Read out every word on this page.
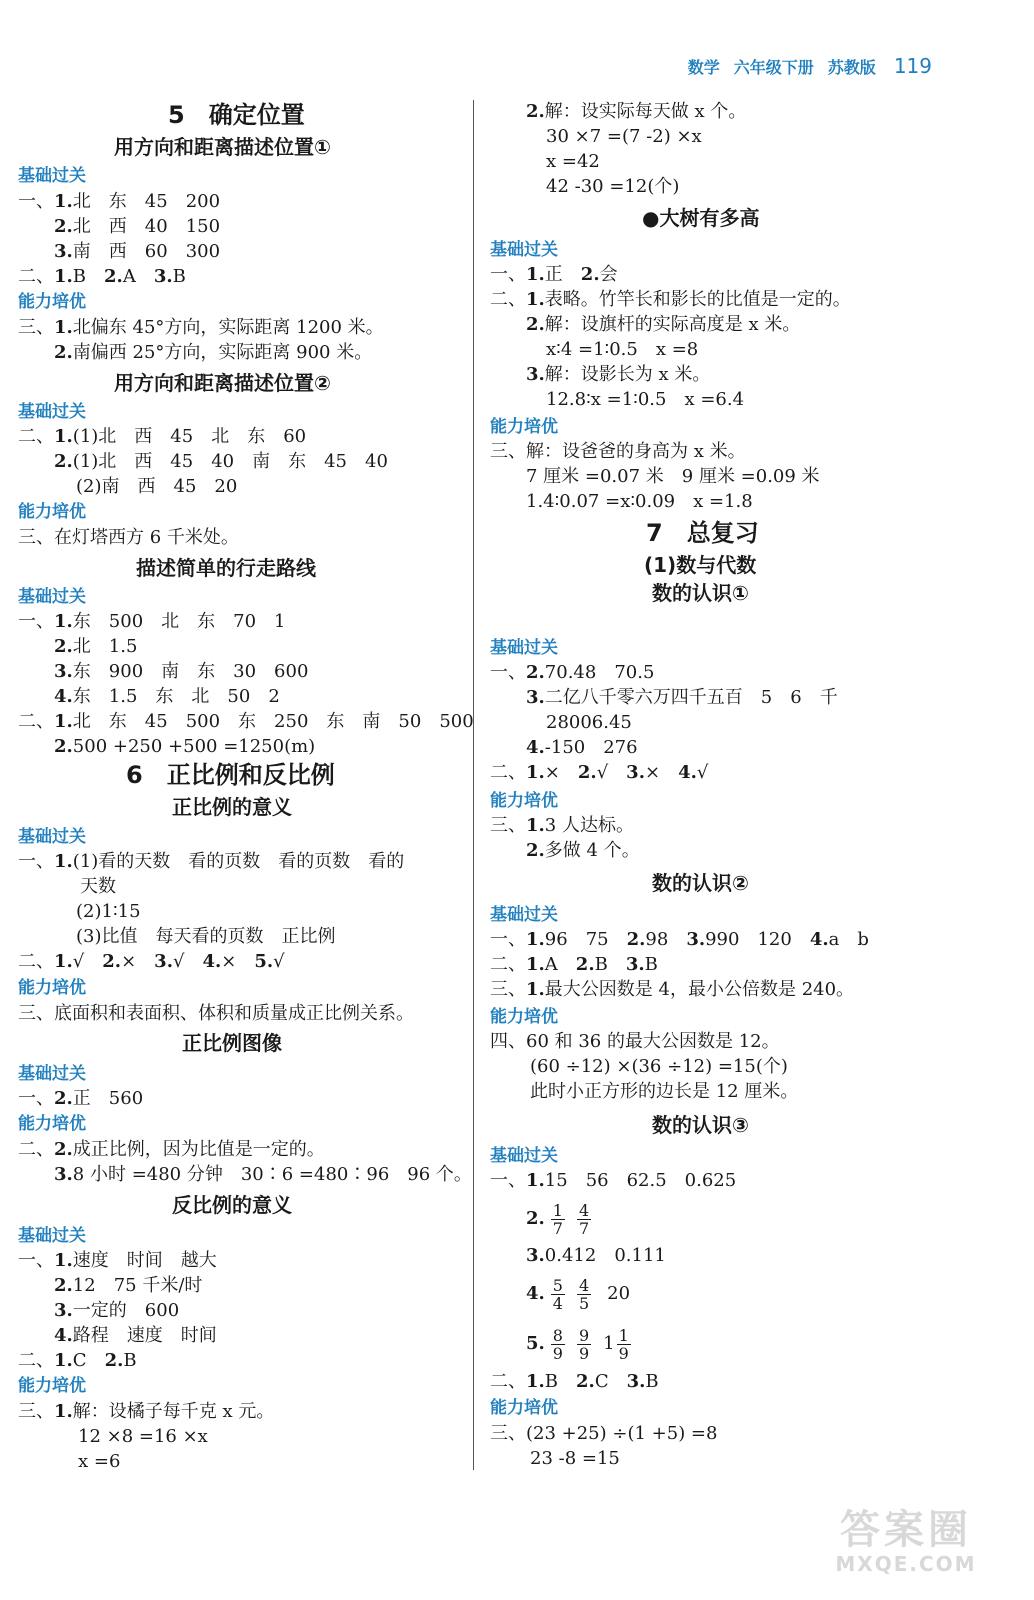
数学 六年级下册 苏教版 119
5　确定位置
用方向和距离描述位置①
基础过关
一、1.北　东　45　200
2.北　西　40　150
3.南　西　60　300
二、1.B　2.A　3.B
能力培优
三、1.北偏东 45°方向，实际距离 1200 米。
2.南偏西 25°方向，实际距离 900 米。
用方向和距离描述位置②
基础过关
二、1.(1)北　西　45　北　东　60
2.(1)北　西　45　40　南　东　45　40
(2)南　西　45　20
能力培优
三、在灯塔西方 6 千米处。
描述简单的行走路线
基础过关
一、1.东　500　北　东　70　1
2.北　1.5
3.东　900　南　东　30　600
4.东　1.5　东　北　50　2
二、1.北　东　45　500　东　250　东　南　50　500
2.500 +250 +500 =1250(m)
6　正比例和反比例
正比例的意义
基础过关
一、1.(1)看的天数　看的页数　看的页数　看的
天数
(2)1∶15
(3)比值　每天看的页数　正比例
二、1.√　2.×　3.√　4.×　5.√
能力培优
三、底面积和表面积、体积和质量成正比例关系。
正比例图像
基础过关
一、2.正　560
能力培优
二、2.成正比例，因为比值是一定的。
3.8 小时 =480 分钟　30∶6 =480∶96　96 个。
反比例的意义
基础过关
一、1.速度　时间　越大
2.12　75 千米/时
3.一定的　600
4.路程　速度　时间
二、1.C　2.B
能力培优
三、1.解：设橘子每千克 x 元。
12 ×8 =16 ×x
x =6
2.解：设实际每天做 x 个。
30 ×7 =(7 -2) ×x
x =42
42 -30 =12(个)
●大树有多高
基础过关
一、1.正　2.会
二、1.表略。竹竿长和影长的比值是一定的。
2.解：设旗杆的实际高度是 x 米。
x∶4 =1∶0.5　x =8
3.解：设影长为 x 米。
12.8∶x =1∶0.5　x =6.4
能力培优
三、解：设爸爸的身高为 x 米。
7 厘米 =0.07 米　9 厘米 =0.09 米
1.4∶0.07 =x∶0.09　x =1.8
7　总复习
(1)数与代数
数的认识①
基础过关
一、2.70.48　70.5
3.二亿八千零六万四千五百　5　6　千
28006.45
4.-150　276
二、1.×　2.√　3.×　4.√
能力培优
三、1.3 人达标。
2.多做 4 个。
数的认识②
基础过关
一、1.96　75　2.98　3.990　120　4.a　b
二、1.A　2.B　3.B
三、1.最大公因数是 4，最小公倍数是 240。
能力培优
四、60 和 36 的最大公因数是 12。
(60 ÷12) ×(36 ÷12) =15(个)
此时小正方形的边长是 12 厘米。
数的认识③
基础过关
一、1.15　56　62.5　0.625
2. $\frac{1}{7} \frac{4}{7}$
3.0.412　0.111
4. $\frac{5}{4} \frac{4}{5} 20$
5. $\frac{8}{9} \frac{9}{9} 1 \frac{1}{9}$
二、1.B　2.C　3.B
能力培优
三、(23 +25) ÷(1 +5) =8
23 -8 =15
答案圈
MXQE.COM
